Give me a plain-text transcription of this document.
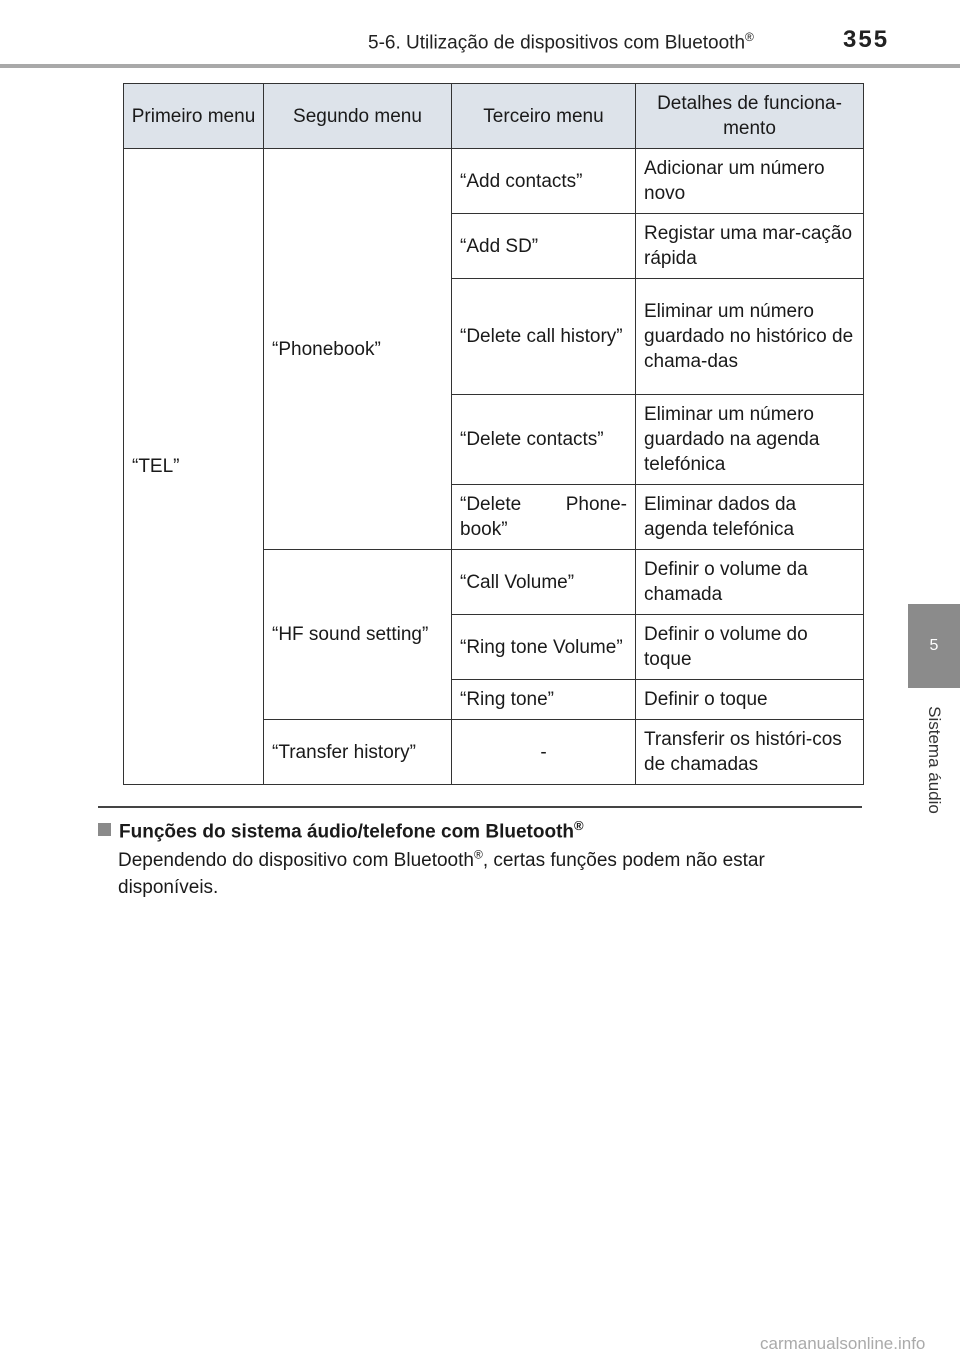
5-6. Utilização de dispositivos com Bluetooth®	355
5
Sistema áudio
Primeiro menu	Segundo menu	Terceiro menu	Detalhes de funciona-mento
“TEL”	“Phonebook”	“Add contacts”	Adicionar um número novo
		“Add SD”	Registar uma mar-cação rápida
		“Delete call history”	Eliminar um número guardado no histórico de chama-das
		“Delete contacts”	Eliminar um número guardado na agenda telefónica
		“Delete Phone-book”	Eliminar dados da agenda telefónica
	“HF sound setting”	“Call Volume”	Definir o volume da chamada
		“Ring tone Volume”	Definir o volume do toque
		“Ring tone”	Definir o toque
	“Transfer history”	-	Transferir os históri-cos de chamadas
Funções do sistema áudio/telefone com Bluetooth®
Dependendo do dispositivo com Bluetooth®, certas funções podem não estar disponíveis.
carmanualsonline.info
